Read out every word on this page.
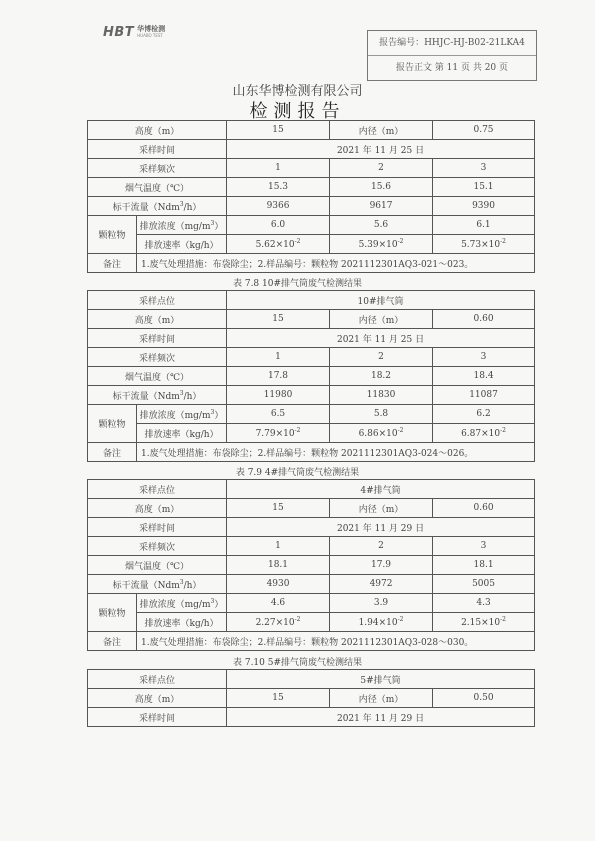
HBT 华博检测
HUABO TEST
报告编号：HHJC-HJ-B02-21LKA4
报告正文 第 11 页 共 20 页
山东华博检测有限公司
检测报告
高度（m）		15	内径（m）	0.75
采样时间		2021 年 11 月 25 日		
采样频次		1	2	3
烟气温度（℃）		15.3	15.6	15.1
标干流量（Ndm$^3$/h）		9366	9617	9390
颗粒物	排放浓度$(mg/m^3)$	6.0	5.6	6.1
	排放速率（kg/h）	$5.62\times 10^{-2}$	$5.39\times 10^{-2}$	$5.73\times 10^{-2}$
备注	1.废气处理措施：布袋除尘；2.样品编号：颗粒物 2021112301AQ3-021～023。			
表 7.8 10#排气筒废气检测结果
采样点位		10#排气筒		
高度（m）		15	内径（m）	0.60
采样时间		2021 年 11 月 25 日		
采样频次		1	2	3
烟气温度（℃）		17.8	18.2	18.4
标干流量（Ndm$^3$/h）		11980	11830	11087
颗粒物	排放浓度$(mg/m^3)$	6.5	5.8	6.2
	排放速率（kg/h）	$7.79\times 10^{-2}$	$6.86\times 10^{-2}$	$6.87\times 10^{-2}$
备注	1.废气处理措施：布袋除尘；2.样品编号：颗粒物 2021112301AQ3-024～026。			
表 7.9 4#排气筒废气检测结果
采样点位		4#排气筒		
高度（m）		15	内径（m）	0.60
采样时间		2021 年 11 月 29 日		
采样频次		1	2	3
烟气温度（℃）		18.1	17.9	18.1
标干流量（Ndm$^3$/h）		4930	4972	5005
颗粒物	排放浓度$(mg/m^3)$	4.6	3.9	4.3
	排放速率（kg/h）	$2.27\times 10^{-2}$	$1.94\times 10^{-2}$	$2.15\times 10^{-2}$
备注	1.废气处理措施：布袋除尘；2.样品编号：颗粒物 2021112301AQ3-028～030。			
表 7.10 5#排气筒废气检测结果
采样点位	5#排气筒		
高度（m）	15	内径（m）	0.50
采样时间	2021 年 11 月 29 日		
